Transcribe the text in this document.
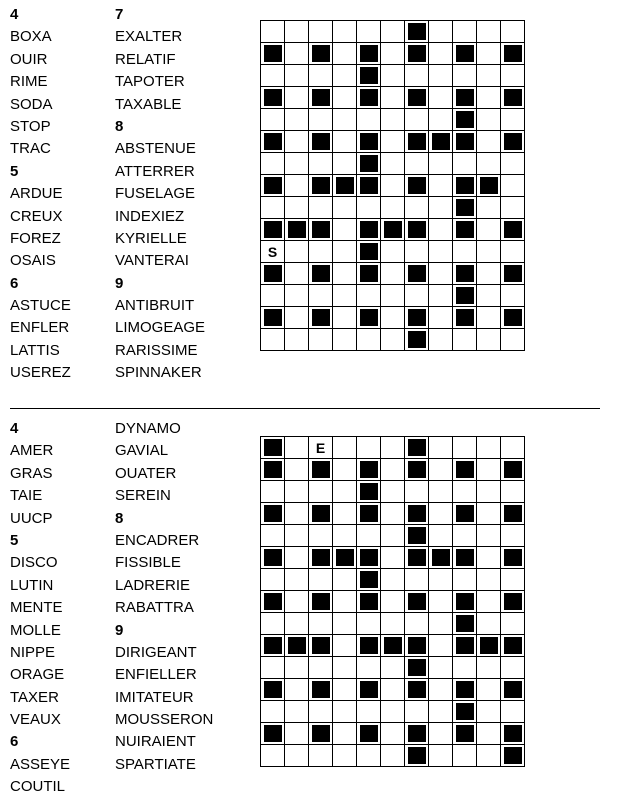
4
BOXA
OUIR
RIME
SODA
STOP
TRAC
5
ARDUE
CREUX
FOREZ
OSAIS
6
ASTUCE
ENFLER
LATTIS
USEREZ
7
EXALTER
RELATIF
TAPOTER
TAXABLE
8
ABSTENUE
ATTERRER
FUSELAGE
INDEXIEZ
KYRIELLE
VANTERAI
9
ANTIBRUIT
LIMOGEAGE
RARISSIME
SPINNAKER

S				

4
AMER
GRAS
TAIE
UUCP
5
DISCO
LUTIN
MENTE
MOLLE
NIPPE
ORAGE
TAXER
VEAUX
6
ASSEYE
COUTIL
DYNAMO
GAVIAL
OUATER
SEREIN
8
ENCADRER
FISSIBLE
LADRERIE
RABATTRA
9
DIRIGEANT
ENFIELLER
IMITATEUR
MOUSSERON
NUIRAIENT
SPARTIATE
		E				
